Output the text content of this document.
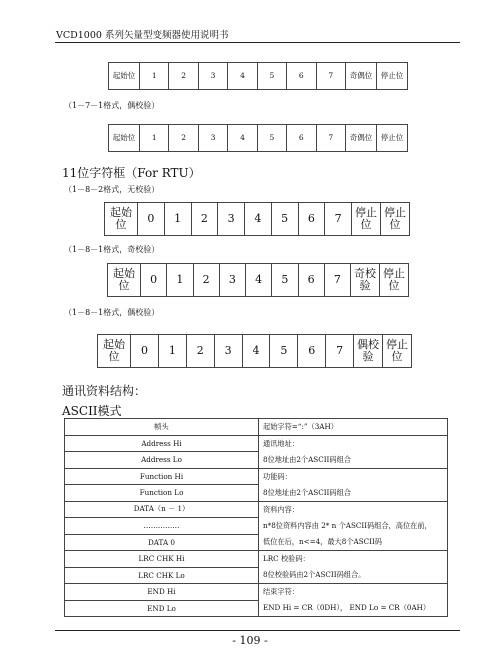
VCD1000 系列矢量型变频器使用说明书
起始位	1	2	3	4	5	6	7	奇偶位	停止位
（1－7－1格式，偶校验）
起始位	1	2	3	4	5	6	7	奇偶位	停止位
11位字符框（For RTU）
（1－8－2格式，无校验）
起始位	0	1	2	3	4	5	6	7	停止位	停止位
（1－8－1格式，奇校验）
起始位	0	1	2	3	4	5	6	7	奇校验	停止位
（1－8－1格式，偶校验）
起始位	0	1	2	3	4	5	6	7	偶校验	停止位
通讯资料结构：
ASCII模式
帧头	起始字符=“:”（3AH）
Address Hi	通讯地址：
Address Lo	8位地址由2个ASCII码组合
Function Hi	功能码：
Function Lo	8位地址由2个ASCII码组合
DATA（n － 1）	资料内容：
……………	n*8位资料内容由 2* n 个ASCII码组合，高位在前，
DATA 0	低位在后，n<=4，最大8个ASCII码
LRC CHK Hi	LRC 校验码：
LRC CHK Lo	8位校验码由2个ASCII码组合。
END Hi	结束字符：
END Lo	END Hi = CR（0DH）， END Lo = CR（0AH）
- 109 -
